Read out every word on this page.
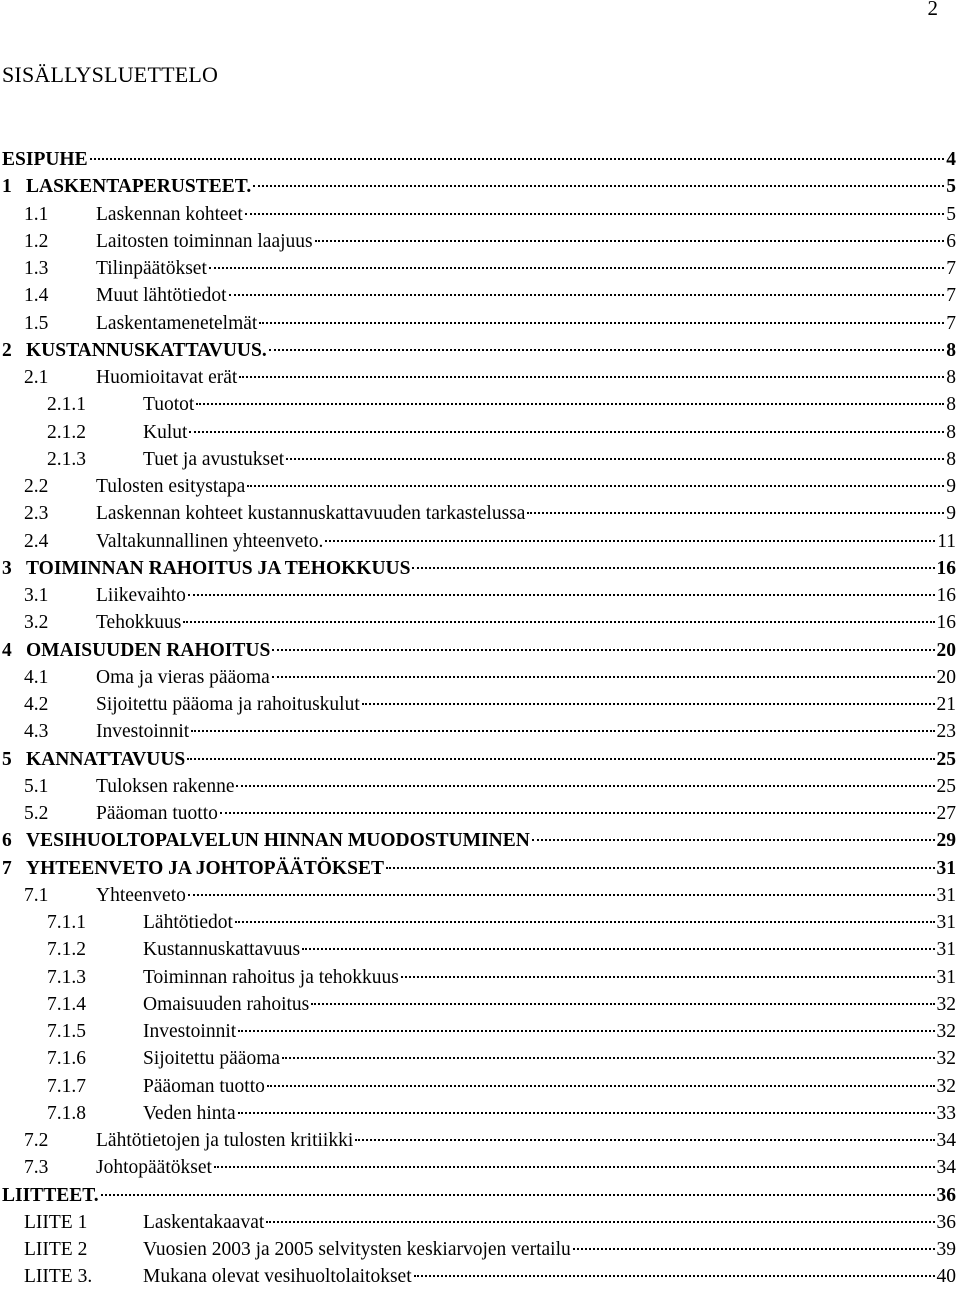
2
SISÄLLYSLUETTELO
ESIPUHE	4
1 LASKENTAPERUSTEET.	5
1.1	Laskennan kohteet	5
1.2	Laitosten toiminnan laajuus	6
1.3	Tilinpäätökset	7
1.4	Muut lähtötiedot	7
1.5	Laskentamenetelmät	7
2 KUSTANNUSKATTAVUUS.	8
2.1	Huomioitavat erät	8
2.1.1	Tuotot	8
2.1.2	Kulut	8
2.1.3	Tuet ja avustukset	8
2.2	Tulosten esitystapa	9
2.3	Laskennan kohteet kustannuskattavuuden tarkastelussa	9
2.4	Valtakunnallinen yhteenveto.	11
3 TOIMINNAN RAHOITUS JA TEHOKKUUS	16
3.1	Liikevaihto	16
3.2	Tehokkuus	16
4 OMAISUUDEN RAHOITUS	20
4.1	Oma ja vieras pääoma	20
4.2	Sijoitettu pääoma ja rahoituskulut	21
4.3	Investoinnit	23
5 KANNATTAVUUS	25
5.1	Tuloksen rakenne	25
5.2	Pääoman tuotto	27
6 VESIHUOLTOPALVELUN HINNAN MUODOSTUMINEN	29
7 YHTEENVETO JA JOHTOPÄÄTÖKSET	31
7.1	Yhteenveto	31
7.1.1	Lähtötiedot	31
7.1.2	Kustannuskattavuus	31
7.1.3	Toiminnan rahoitus ja tehokkuus	31
7.1.4	Omaisuuden rahoitus	32
7.1.5	Investoinnit	32
7.1.6	Sijoitettu pääoma	32
7.1.7	Pääoman tuotto	32
7.1.8	Veden hinta	33
7.2	Lähtötietojen ja tulosten kritiikki	34
7.3	Johtopäätökset	34
LIITTEET.	36
LIITE 1	Laskentakaavat	36
LIITE 2	Vuosien 2003 ja 2005 selvitysten keskiarvojen vertailu	39
LIITE 3.	Mukana olevat vesihuoltolaitokset	40
